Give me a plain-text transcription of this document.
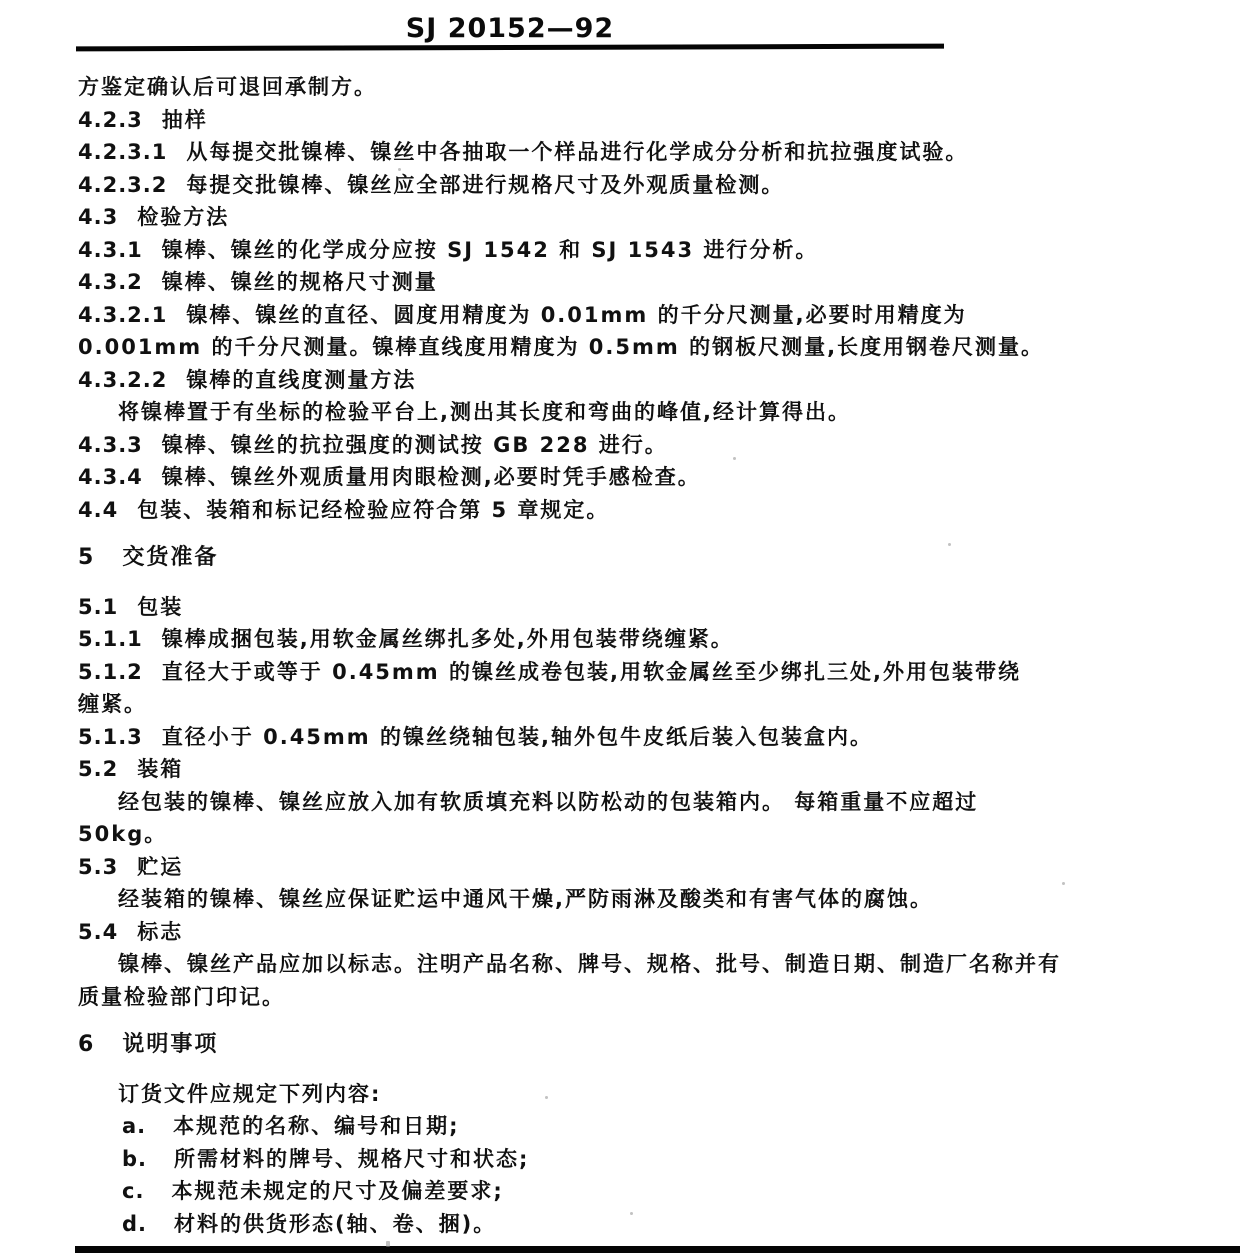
SJ 20152—92
方鉴定确认后可退回承制方。
4.2.3 抽样
4.2.3.1 从每提交批镍棒、镍丝中各抽取一个样品进行化学成分分析和抗拉强度试验。
4.2.3.2 每提交批镍棒、镍丝应全部进行规格尺寸及外观质量检测。
4.3 检验方法
4.3.1 镍棒、镍丝的化学成分应按 SJ 1542 和 SJ 1543 进行分析。
4.3.2 镍棒、镍丝的规格尺寸测量
4.3.2.1 镍棒、镍丝的直径、圆度用精度为 0.01mm 的千分尺测量,必要时用精度为
0.001mm 的千分尺测量。镍棒直线度用精度为 0.5mm 的钢板尺测量,长度用钢卷尺测量。
4.3.2.2 镍棒的直线度测量方法
将镍棒置于有坐标的检验平台上,测出其长度和弯曲的峰值,经计算得出。
4.3.3 镍棒、镍丝的抗拉强度的测试按 GB 228 进行。
4.3.4 镍棒、镍丝外观质量用肉眼检测,必要时凭手感检查。
4.4 包装、装箱和标记经检验应符合第 5 章规定。
5 交货准备
5.1 包装
5.1.1 镍棒成捆包装,用软金属丝绑扎多处,外用包装带绕缠紧。
5.1.2 直径大于或等于 0.45mm 的镍丝成卷包装,用软金属丝至少绑扎三处,外用包装带绕
缠紧。
5.1.3 直径小于 0.45mm 的镍丝绕轴包装,轴外包牛皮纸后装入包装盒内。
5.2 装箱
经包装的镍棒、镍丝应放入加有软质填充料以防松动的包装箱内。 每箱重量不应超过
50kg。
5.3 贮运
经装箱的镍棒、镍丝应保证贮运中通风干燥,严防雨淋及酸类和有害气体的腐蚀。
5.4 标志
镍棒、镍丝产品应加以标志。注明产品名称、牌号、规格、批号、制造日期、制造厂名称并有
质量检验部门印记。
6 说明事项
订货文件应规定下列内容:
a. 本规范的名称、编号和日期;
b. 所需材料的牌号、规格尺寸和状态;
c. 本规范未规定的尺寸及偏差要求;
d. 材料的供货形态(轴、卷、捆)。
